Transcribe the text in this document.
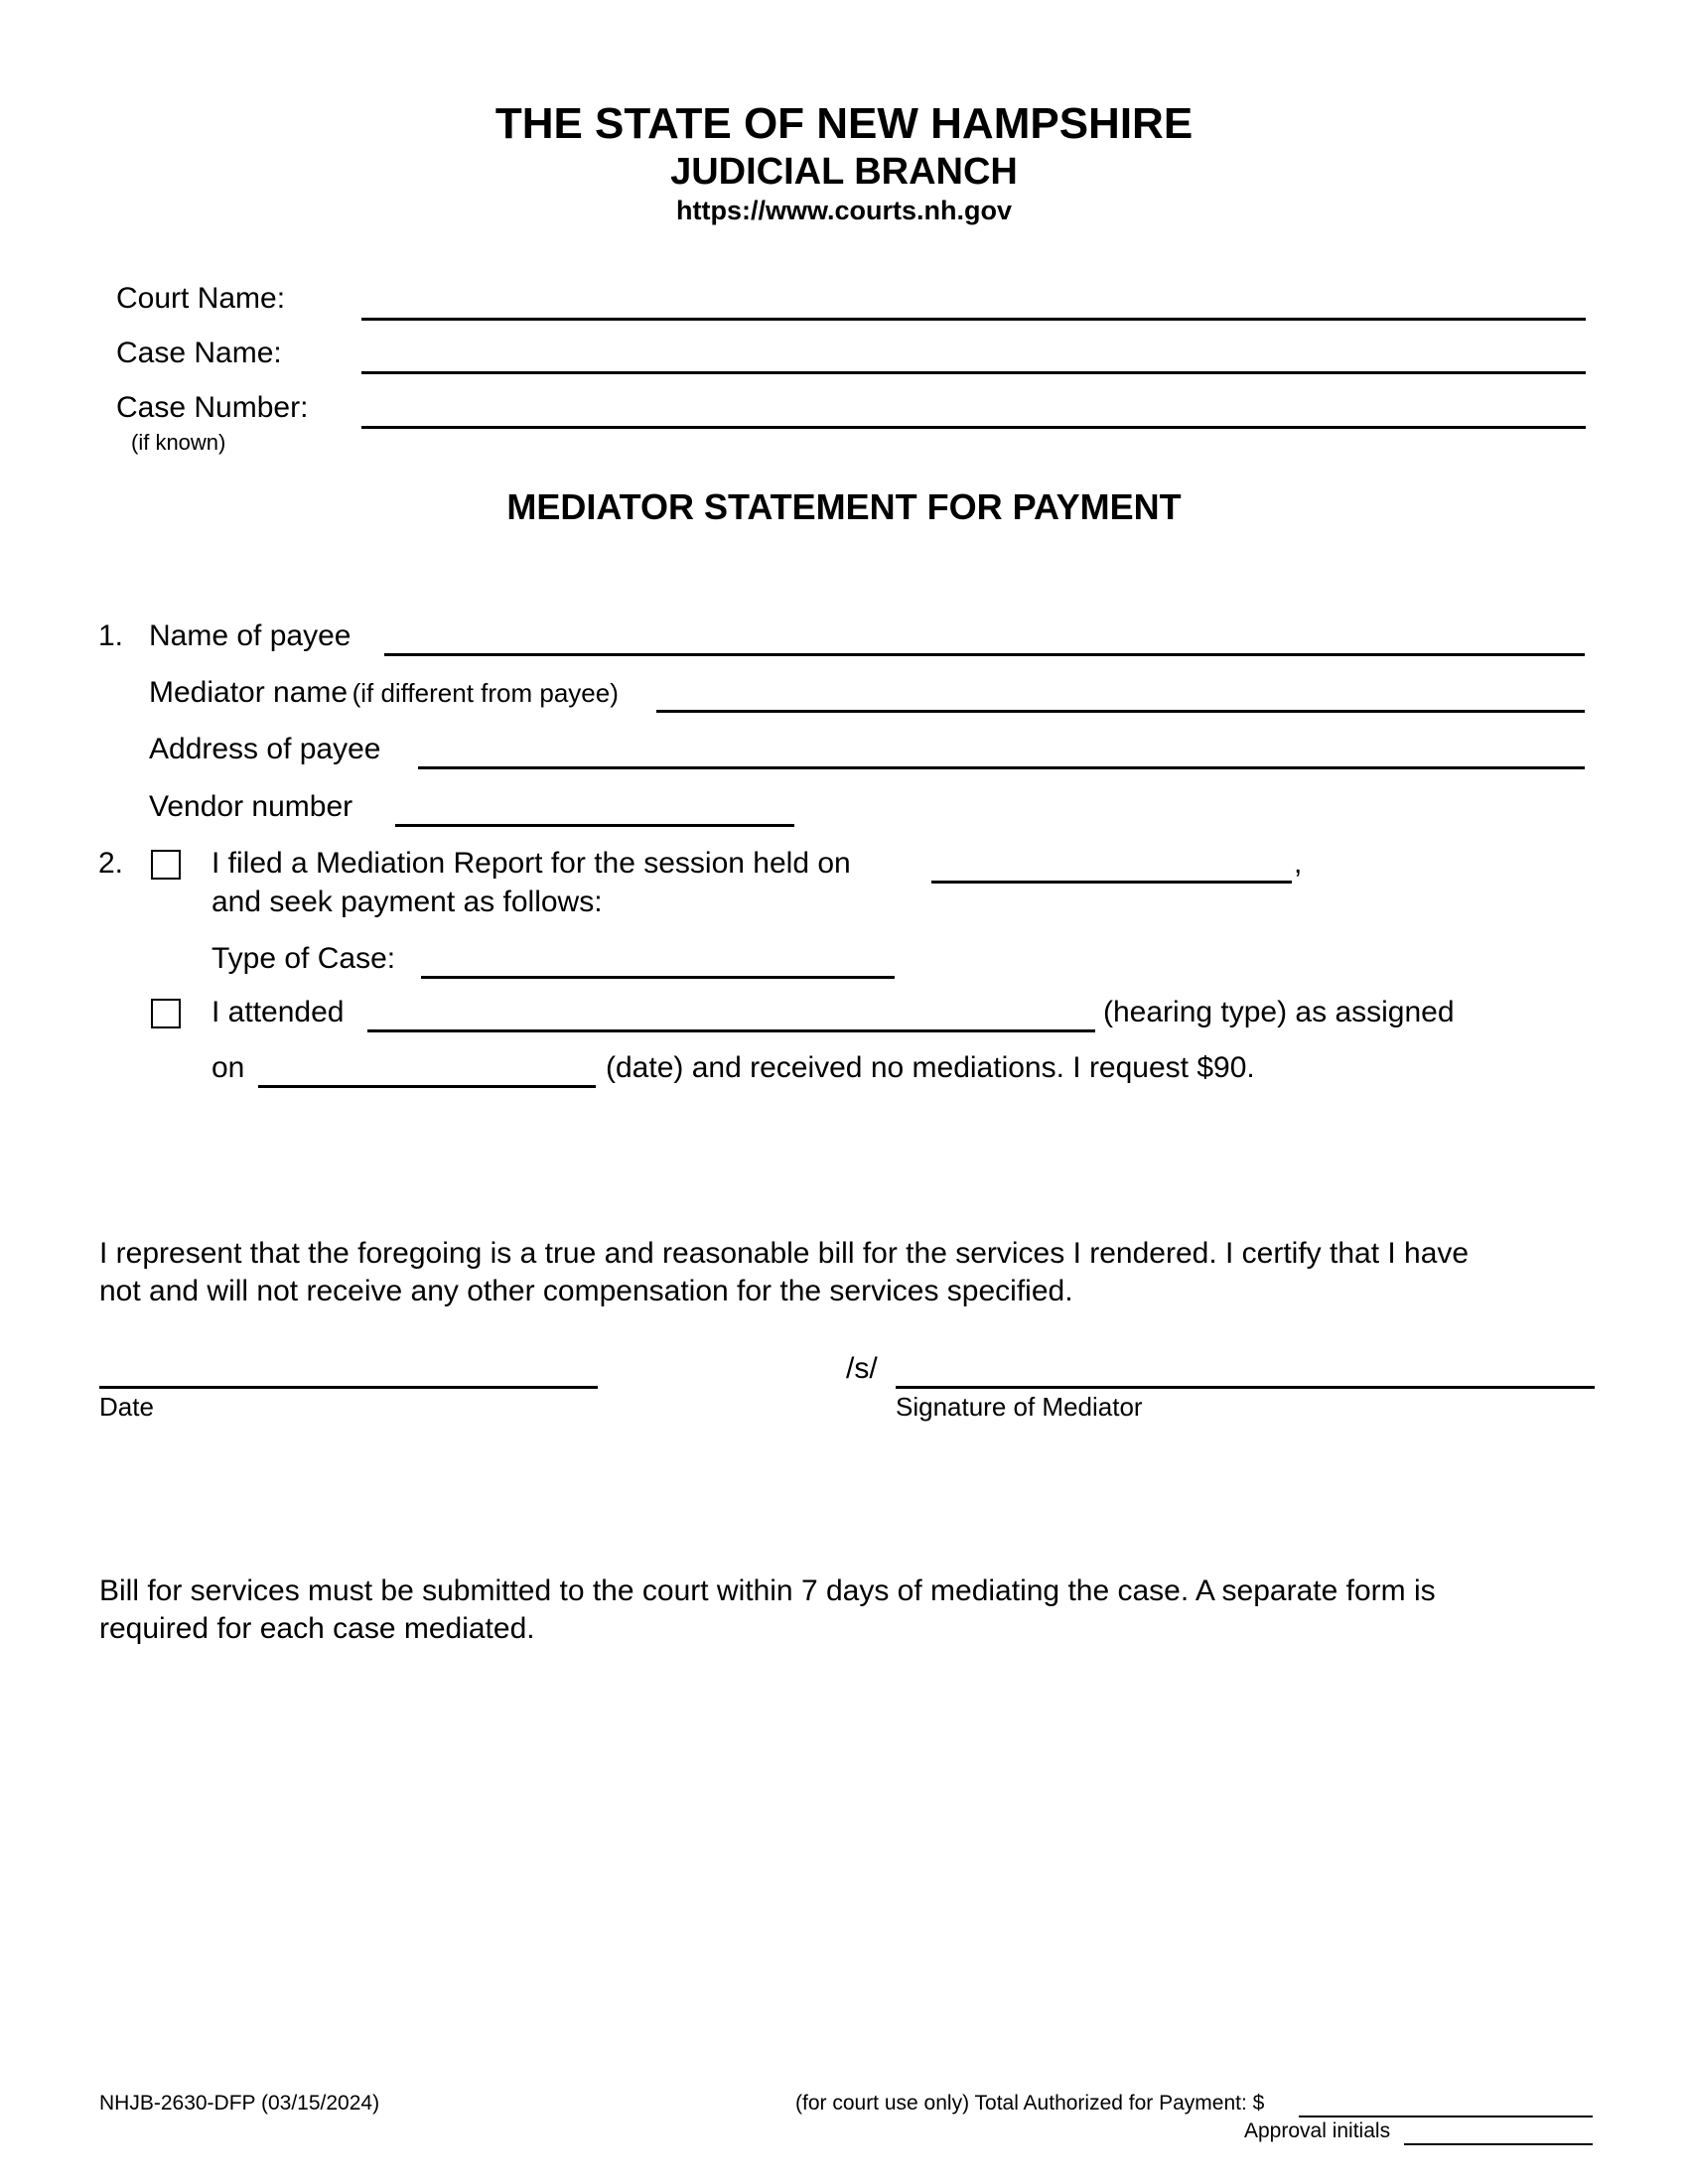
THE STATE OF NEW HAMPSHIRE
JUDICIAL BRANCH
https://www.courts.nh.gov
Court Name:
Case Name:
Case Number:
(if known)
MEDIATOR STATEMENT FOR PAYMENT
1. Name of payee
Mediator name (if different from payee)
Address of payee
Vendor number
2.	I filed a Mediation Report for the session held on	,
and seek payment as follows:
Type of Case:
I attended	(hearing type) as assigned
on	(date) and received no mediations. I request $90.
I represent that the foregoing is a true and reasonable bill for the services I rendered. I certify that I have
not and will not receive any other compensation for the services specified.
Date
/s/
Signature of Mediator
Bill for services must be submitted to the court within 7 days of mediating the case. A separate form is
required for each case mediated.
NHJB-2630-DFP (03/15/2024)	(for court use only) Total Authorized for Payment: $
Approval initials
